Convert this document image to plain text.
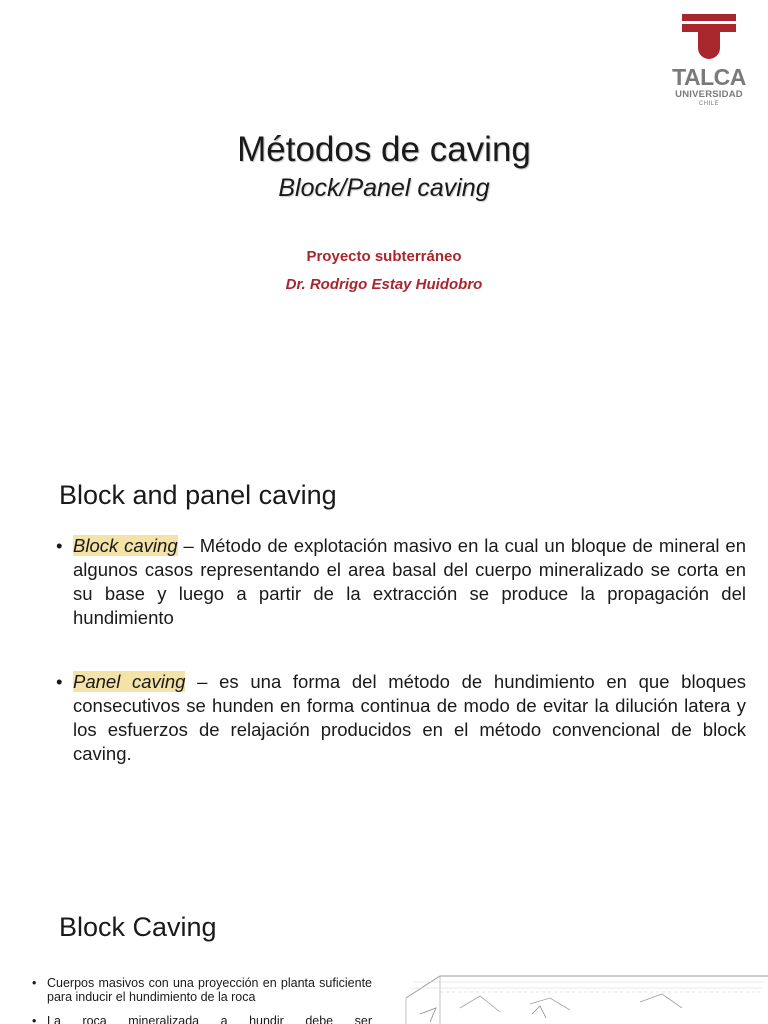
TALCA
UNIVERSIDAD
CHILE
Métodos de caving
Block/Panel caving
Proyecto subterráneo
Dr. Rodrigo Estay Huidobro
Block and panel caving
• Block caving – Método de explotación masivo en la cual un bloque de mineral en algunos casos representando el area basal del cuerpo mineralizado se corta en su base y luego a partir de la extracción se produce la propagación del hundimiento
• Panel caving – es una forma del método de hundimiento en que bloques consecutivos se hunden en forma continua de modo de evitar la dilución latera y los esfuerzos de relajación producidos en el método convencional de block caving.
Block Caving
• Cuerpos masivos con una proyección en planta suficiente para inducir el hundimiento de la roca
• La roca mineralizada a hundir debe ser
